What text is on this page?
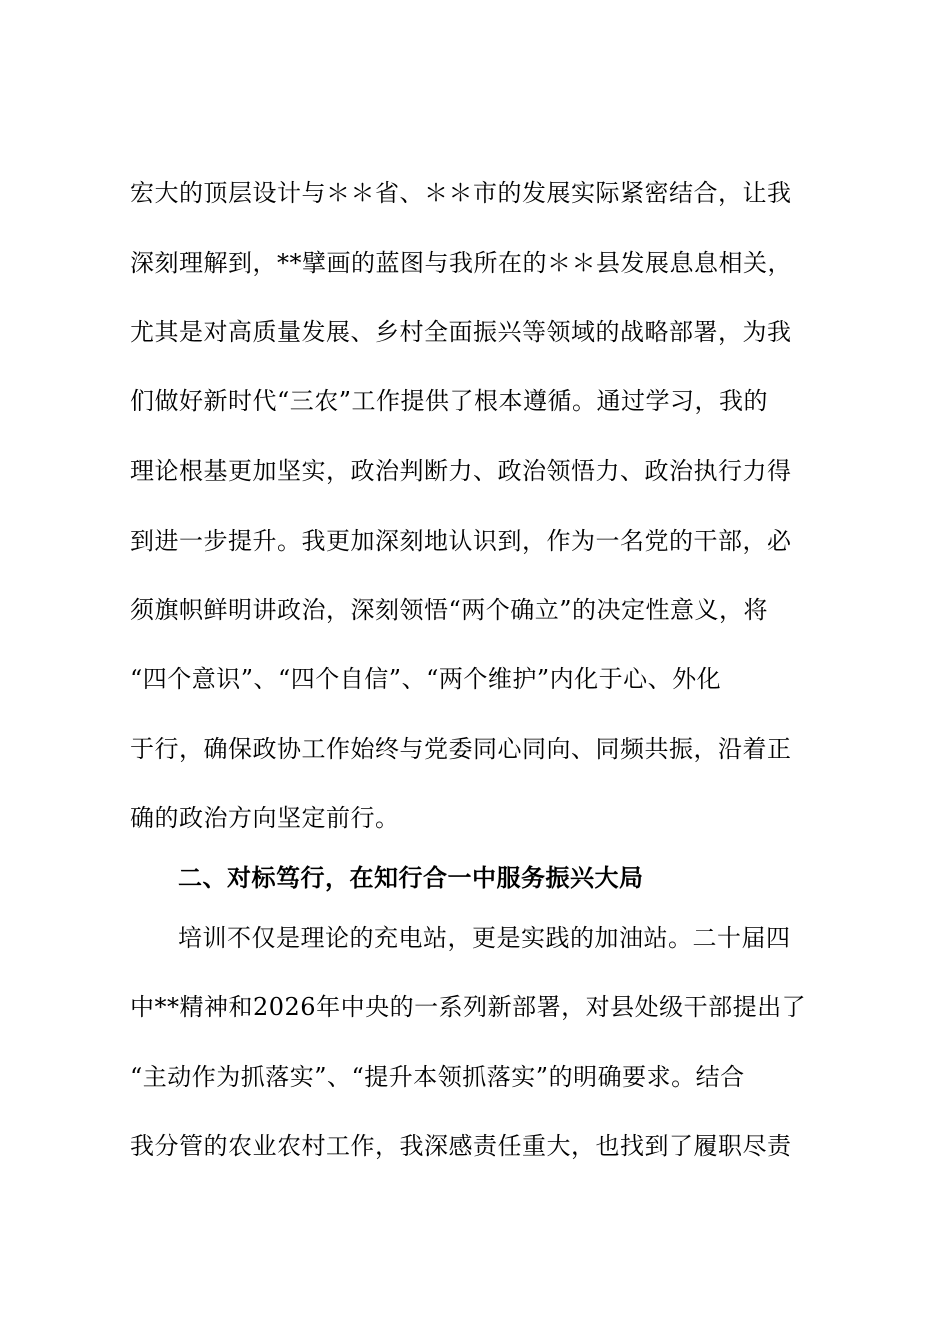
宏大的顶层设计与＊＊省、＊＊市的发展实际紧密结合，让我
深刻理解到，**擘画的蓝图与我所在的＊＊县发展息息相关，
尤其是对高质量发展、乡村全面振兴等领域的战略部署，为我
们做好新时代“三农”工作提供了根本遵循。通过学习，我的
理论根基更加坚实，政治判断力、政治领悟力、政治执行力得
到进一步提升。我更加深刻地认识到，作为一名党的干部，必
须旗帜鲜明讲政治，深刻领悟“两个确立”的决定性意义，将
“四个意识”、“四个自信”、“两个维护”内化于心、外化
于行，确保政协工作始终与党委同心同向、同频共振，沿着正
确的政治方向坚定前行。
二、对标笃行，在知行合一中服务振兴大局
培训不仅是理论的充电站，更是实践的加油站。二十届四
中**精神和2026年中央的一系列新部署，对县处级干部提出了
“主动作为抓落实”、“提升本领抓落实”的明确要求。结合
我分管的农业农村工作，我深感责任重大，也找到了履职尽责
